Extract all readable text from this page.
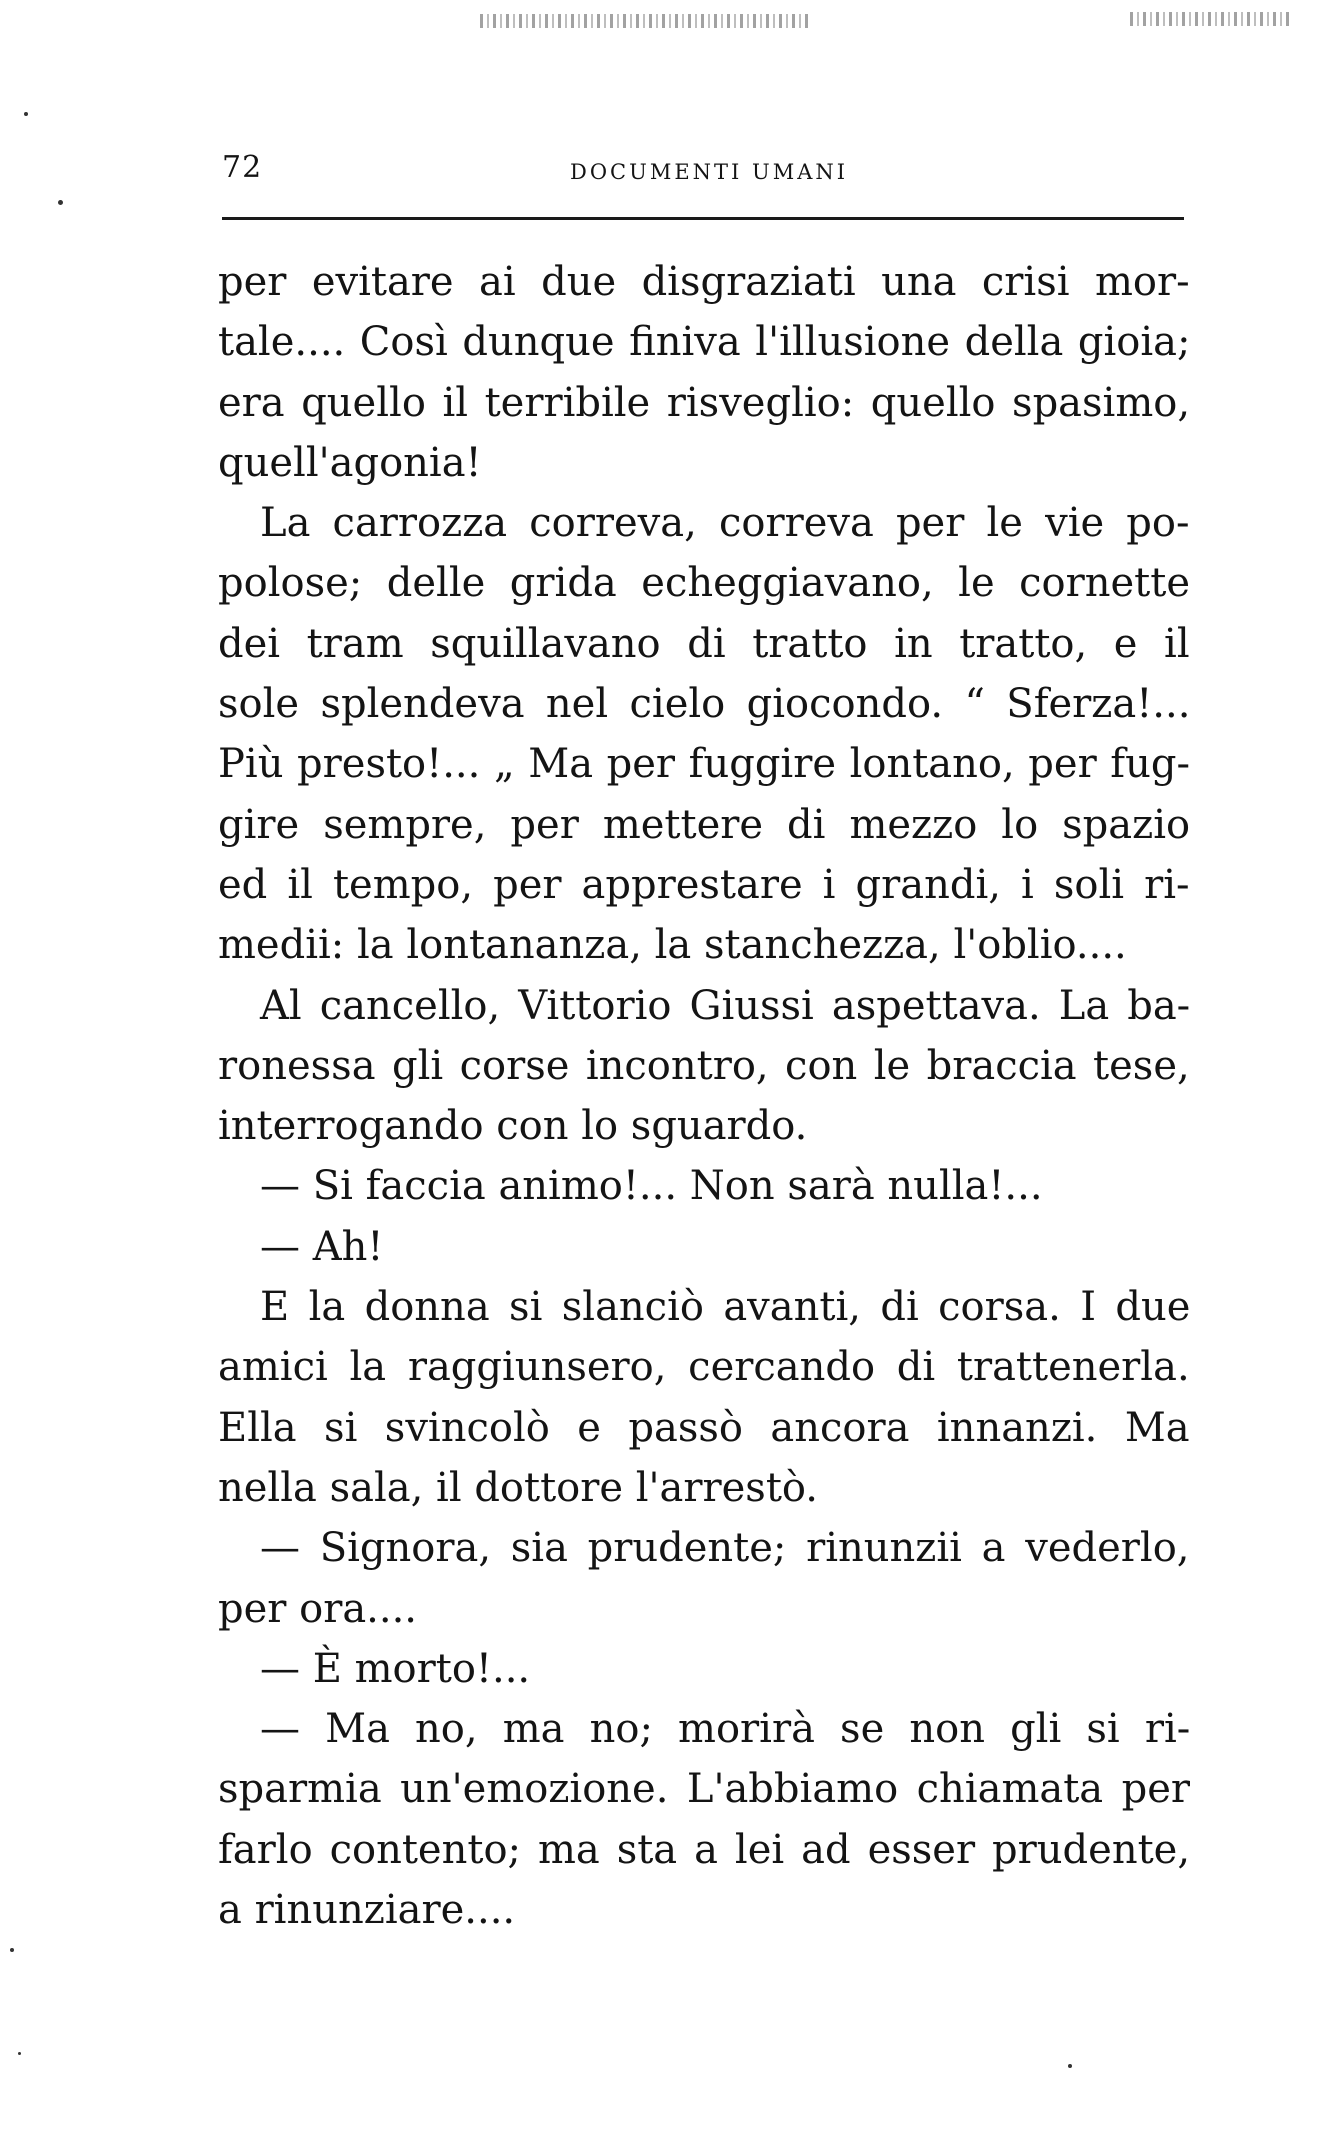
72	DOCUMENTI UMANI
per evitare ai due disgraziati una crisi mor-
tale.... Così dunque finiva l'illusione della gioia;
era quello il terribile risveglio: quello spasimo,
quell'agonia!
La carrozza correva, correva per le vie po-
polose; delle grida echeggiavano, le cornette
dei tram squillavano di tratto in tratto, e il
sole splendeva nel cielo giocondo. “ Sferza!...
Più presto!... „ Ma per fuggire lontano, per fug-
gire sempre, per mettere di mezzo lo spazio
ed il tempo, per apprestare i grandi, i soli ri-
medii: la lontananza, la stanchezza, l'oblio....
Al cancello, Vittorio Giussi aspettava. La ba-
ronessa gli corse incontro, con le braccia tese,
interrogando con lo sguardo.
— Si faccia animo!... Non sarà nulla!...
— Ah!
E la donna si slanciò avanti, di corsa. I due
amici la raggiunsero, cercando di trattenerla.
Ella si svincolò e passò ancora innanzi. Ma
nella sala, il dottore l'arrestò.
— Signora, sia prudente; rinunzii a vederlo,
per ora....
— È morto!...
— Ma no, ma no; morirà se non gli si ri-
sparmia un'emozione. L'abbiamo chiamata per
farlo contento; ma sta a lei ad esser prudente,
a rinunziare....
